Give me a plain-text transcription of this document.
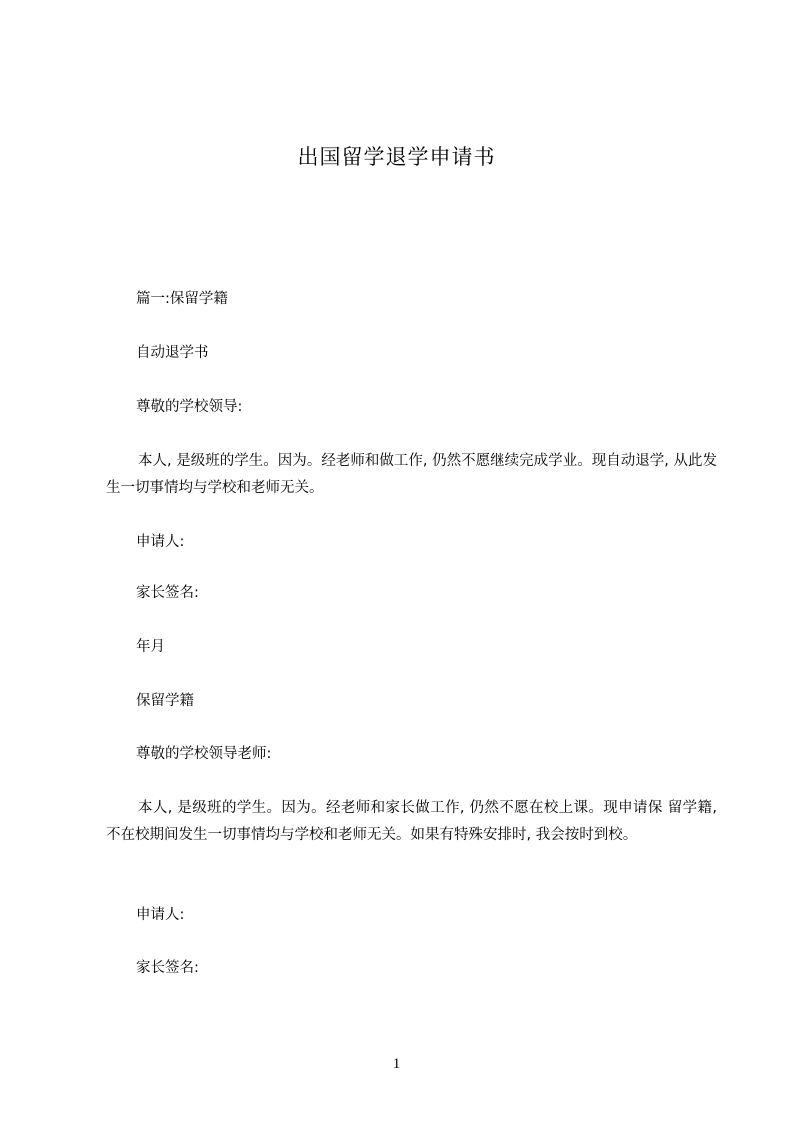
出国留学退学申请书
篇一:保留学籍
自动退学书
尊敬的学校领导:
本人, 是级班的学生。因为。经老师和做工作, 仍然不愿继续完成学业。现自动退学, 从此发生一切事情均与学校和老师无关。
申请人:
家长签名:
年月
保留学籍
尊敬的学校领导老师:
本人, 是级班的学生。因为。经老师和家长做工作, 仍然不愿在校上课。现申请保 留学籍, 不在校期间发生一切事情均与学校和老师无关。如果有特殊安排时, 我会按时到校。
申请人:
家长签名:
1
